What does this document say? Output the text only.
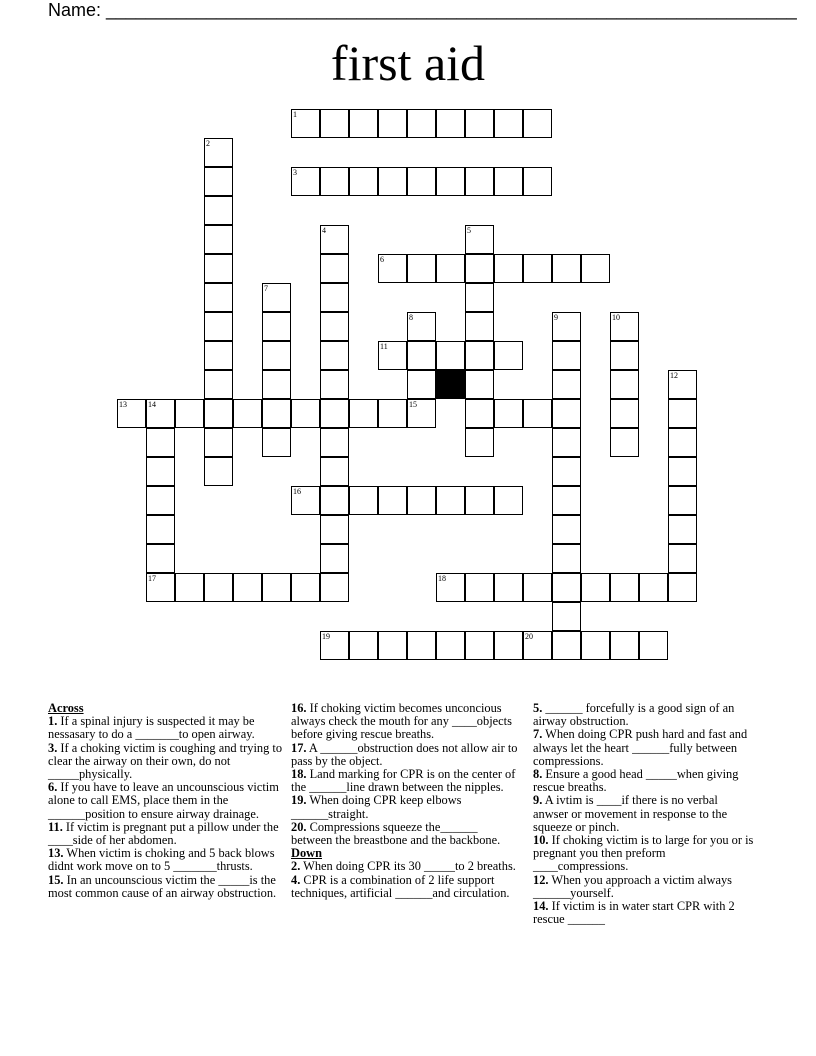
Name: _____________________________________________________________________
first aid
1
2
3
4	5
6
7
8
15
9	10
11
12
13	14
17
16
18
19	20

Across

1. If a spinal injury is suspected it may be nessasary to do a _______to open airway.

3. If a choking victim is coughing and trying to clear the airway on their own, do not _____physically.

6. If you have to leave an uncounscious victim alone to call EMS, place them in the ______position to ensure airway drainage.

11. If victim is pregnant put a pillow under the ____side of her abdomen.

13. When victim is choking and 5 back blows didnt work move on to 5 _______thrusts.

15. In an uncounscious victim the _____is the most common cause of an airway obstruction.

16. If choking victim becomes unconcious always check the mouth for any ____objects before giving rescue breaths.

17. A ______obstruction does not allow air to pass by the object.

18. Land marking for CPR is on the center of the ______line drawn between the nipples.

19. When doing CPR keep elbows ______straight.

20. Compressions squeeze the______ between the breastbone and the backbone.

Down

2. When doing CPR its 30 _____to 2 breaths.

4. CPR is a combination of 2 life support techniques, artificial ______and circulation.

5. ______ forcefully is a good sign of an airway obstruction.

7. When doing CPR push hard and fast and always let the heart ______fully between compressions.

8. Ensure a good head _____when giving rescue breaths.

9. A ivtim is ____if there is no verbal anwser or movement in response to the squeeze or pinch.

10. If choking victim is to large for you or is pregnant you then preform ____compressions.

12. When you approach a victim always ______yourself.

14. If victim is in water start CPR with 2 rescue ______
